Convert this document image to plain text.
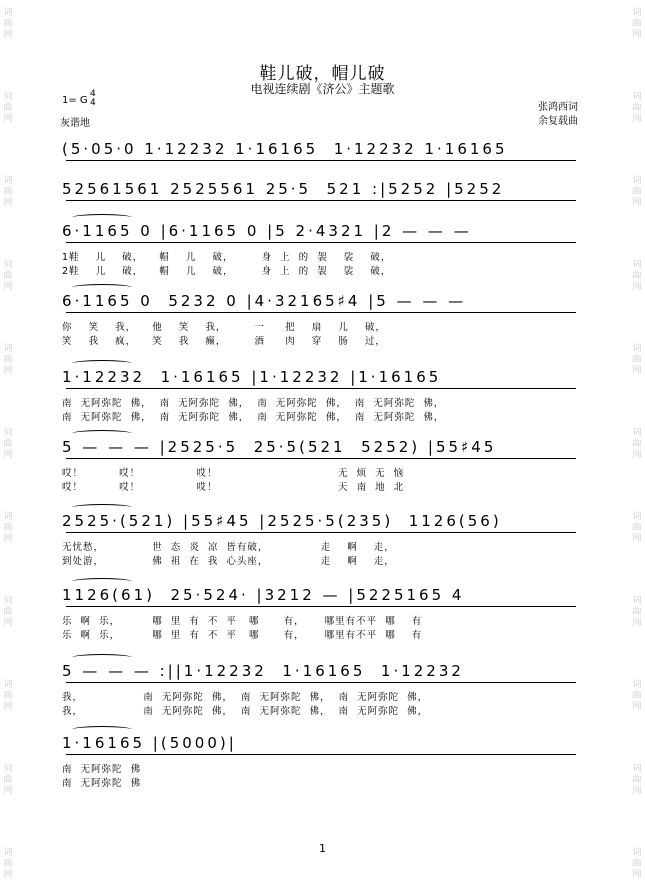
词
曲
网
词
曲
网
词
曲
网
词
曲
网
词
曲
网
词
曲
网
词
曲
网
词
曲
网
词
曲
网
词
曲
网
词
曲
网
词
曲
网
词
曲
网
词
曲
网
词
曲
网
词
曲
网
词
曲
网
词
曲
网
词
曲
网
词
曲
网
词
曲
网
词
曲
网
鞋儿破，帽儿破
电视连续剧《济公》主题歌
1= G
4
4
灰谐地
张鸿西词
余复载曲
(5·05·0 1·12232 1·16165  1·12232 1·16165
52561561 2525561 25·5  521 :|5252 |5252
6·1165 0 |6·1165 0 |5 2·4321 |2 — — —
1鞋    儿    破，    帽    儿    破，       身  上  的  袈    裟    破，
2鞋    儿    破，    帽    儿    破，       身  上  的  袈    裟    破，
6·1165 0  5232 0 |4·32165♯4 |5 — — —
你    笑    我，    他    笑    我，       一     把    扇    儿    破，
笑    我    疯，    笑    我    癫，       酒     肉    穿    肠    过，
1·12232  1·16165 |1·12232 |1·16165
南  无阿弥陀  佛，  南  无阿弥陀  佛，  南  无阿弥陀  佛，  南  无阿弥陀  佛，
南  无阿弥陀  佛，  南  无阿弥陀  佛，  南  无阿弥陀  佛，  南  无阿弥陀  佛，
5 — — — |2525·5  25·5(521  5252) |55♯45
哎！         哎！              哎！                              无  烦  无  恼
哎！         哎！              哎！                              天  南  地  北
2525·(521) |55♯45 |2525·5(235)  1126(56)
无忧愁，            世  态  炎  凉  皆有破，             走    啊    走，
到处游，            佛  祖  在  我  心头座，             走    啊    走，
1126(61)  25·524· |3212 — |5225165 4
乐  啊  乐，        哪  里  有  不  平   哪      有，     哪里有不平  哪    有
乐  啊  乐，        哪  里  有  不  平   哪      有，     哪里有不平  哪    有
5 — — — :||1·12232  1·16165  1·12232
我，               南  无阿弥陀  佛，  南  无阿弥陀  佛，  南  无阿弥陀  佛，
我，               南  无阿弥陀  佛，  南  无阿弥陀  佛，  南  无阿弥陀  佛，
1·16165 |(5000)|
南  无阿弥陀  佛
南  无阿弥陀  佛
1
